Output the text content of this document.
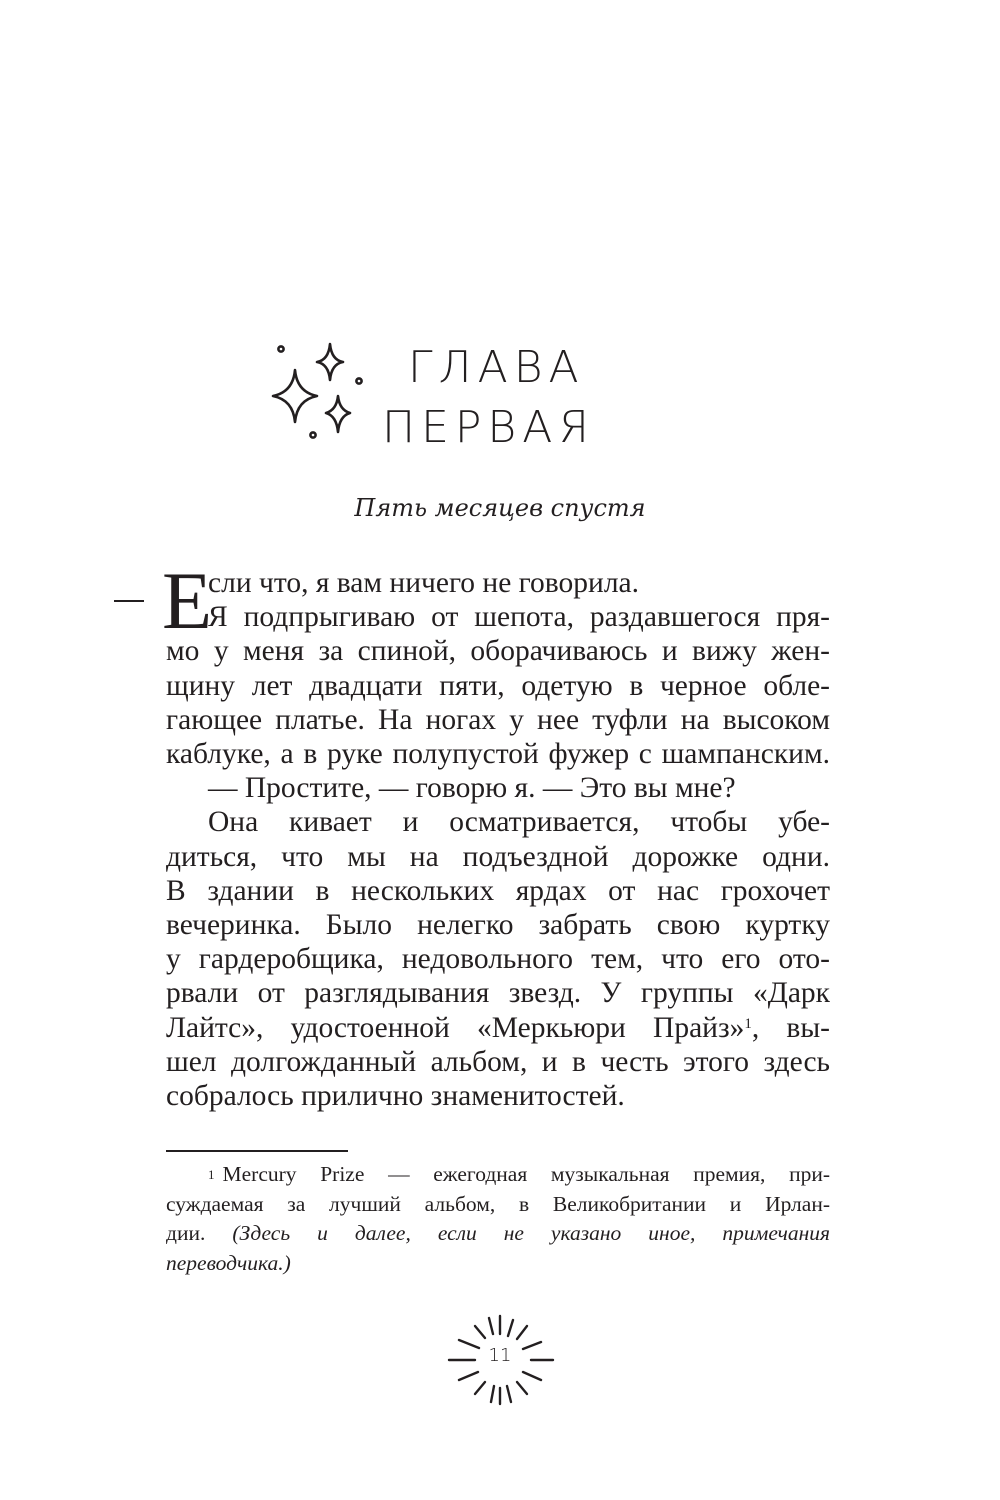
ГЛАВА
ПЕРВАЯ
Пять месяцев спустя
Е

сли что, я вам ничего не говорила.

Я подпрыгиваю от шепота, раздавшегося пря-
мо у меня за спиной, оборачиваюсь и вижу жен-
щину лет двадцати пяти, одетую в черное обле-
гающее платье. На ногах у нее туфли на высоком
каблуке, а в руке полупустой фужер с шампанским.

— Простите, — говорю я. — Это вы мне?

Она кивает и осматривается, чтобы убе-
диться, что мы на подъездной дорожке одни.
В здании в нескольких ярдах от нас грохочет
вечеринка. Было нелегко забрать свою куртку
у гардеробщика, недовольного тем, что его ото-
рвали от разглядывания звезд. У группы «Дарк
Лайтс», удостоенной «Меркьюри Прайз»$^1$, вы-
шел долгожданный альбом, и в честь этого здесь
собралось прилично знаменитостей.

$^1$ Mercury Prize — ежегодная музыкальная премия, при-
суждаемая за лучший альбом, в Великобритании и Ирлан-
дии. (Здесь и далее, если не указано иное, примечания
переводчика.)
11
